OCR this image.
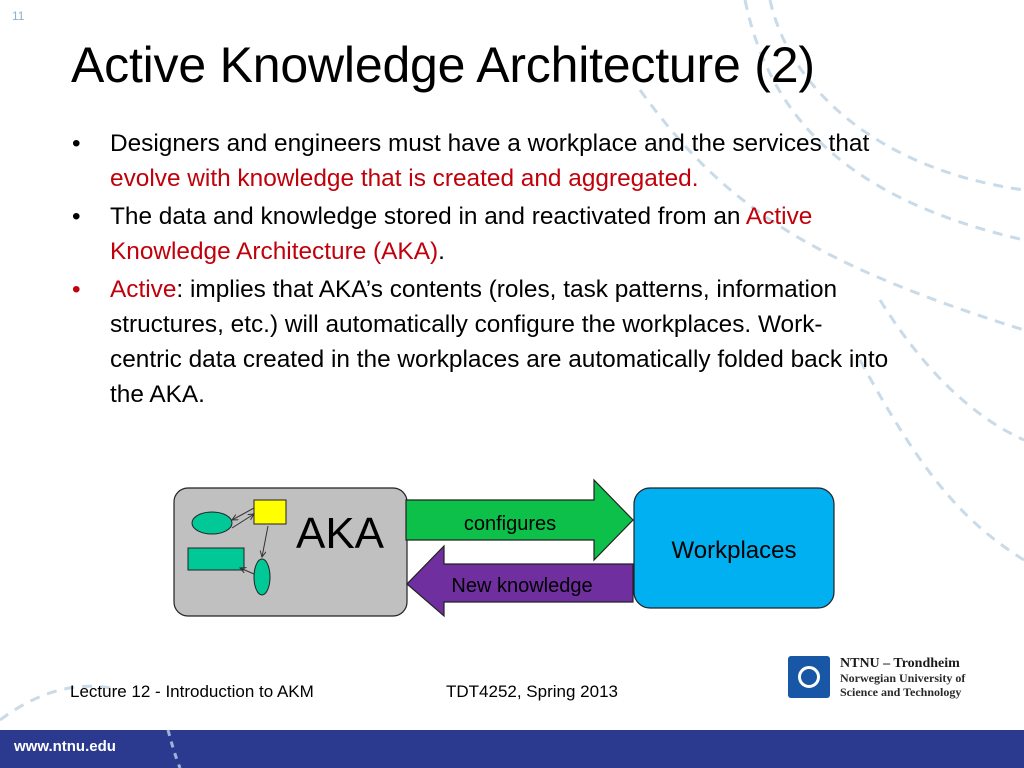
11
Active Knowledge Architecture (2)
• Designers and engineers must have a workplace and the services that evolve with knowledge that is created and aggregated.
• The data and knowledge stored in and reactivated from an Active Knowledge Architecture (AKA).
• Active: implies that AKA’s contents (roles, task patterns, information structures, etc.) will automatically configure the workplaces. Work-centric data created in the workplaces are automatically folded back into the AKA.
AKA	configures
New knowledge
Workplaces
Lecture 12 - Introduction to AKM	TDT4252, Spring 2013
NTNU – Trondheim
Norwegian University of
Science and Technology
www.ntnu.edu
